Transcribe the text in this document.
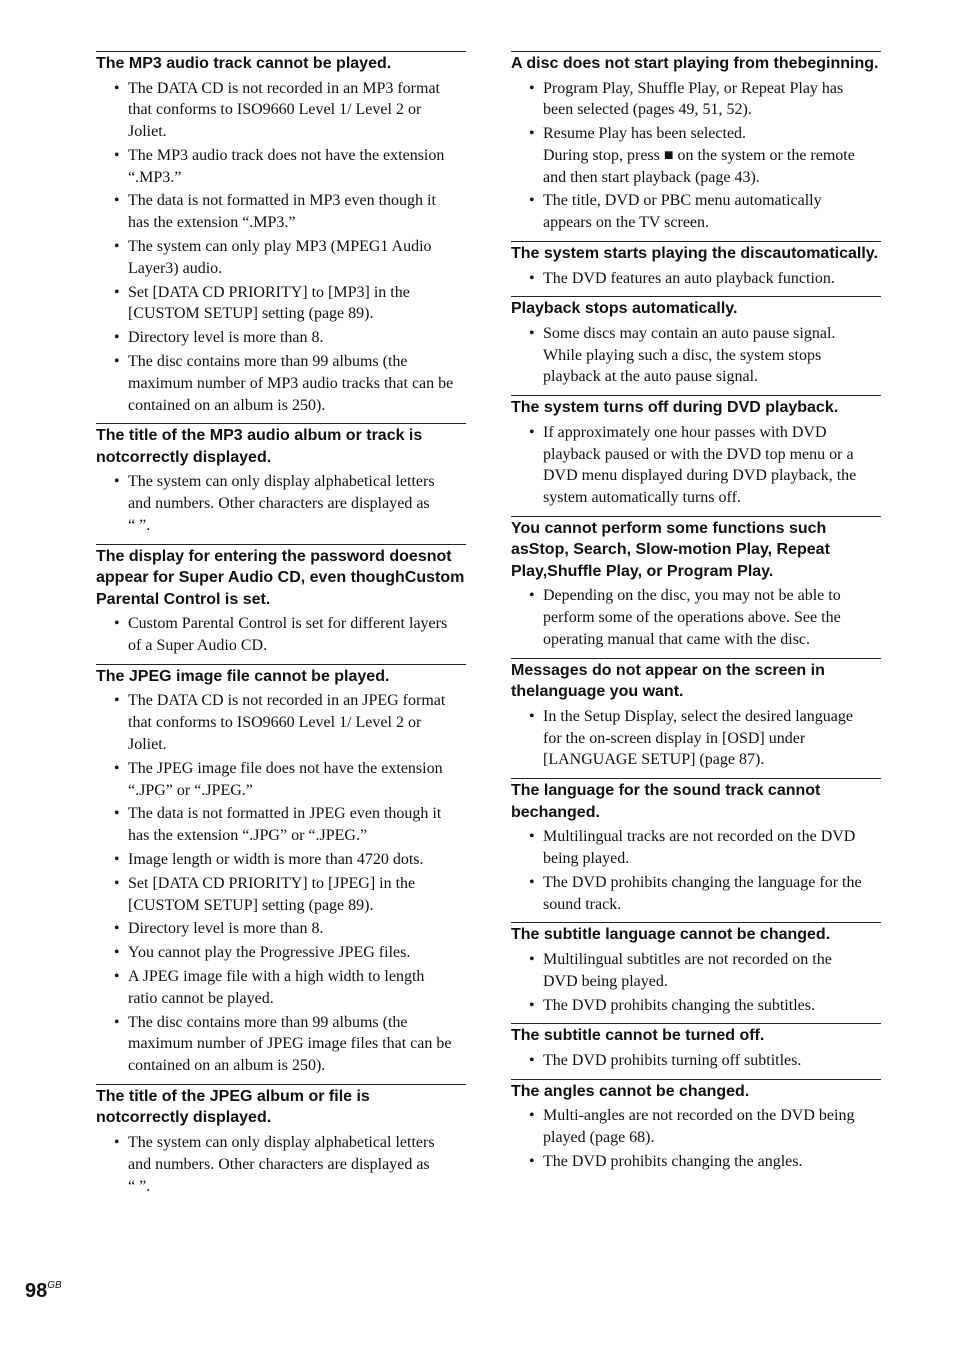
The MP3 audio track cannot be played.
• The DATA CD is not recorded in an MP3 format
that conforms to ISO9660 Level 1/ Level 2 or
Joliet.
• The MP3 audio track does not have the extension
“.MP3.”
• The data is not formatted in MP3 even though it
has the extension “.MP3.”
• The system can only play MP3 (MPEG1 Audio
Layer3) audio.
• Set [DATA CD PRIORITY] to [MP3] in the
[CUSTOM SETUP] setting (page 89).
• Directory level is more than 8.
• The disc contains more than 99 albums (the
maximum number of MP3 audio tracks that can be
contained on an album is 250).
The title of the MP3 audio album or track is notcorrectly displayed.
• The system can only display alphabetical letters
and numbers. Other characters are displayed as
“ ”.
The display for entering the password doesnot appear for Super Audio CD, even thoughCustom Parental Control is set.
• Custom Parental Control is set for different layers
of a Super Audio CD.
The JPEG image file cannot be played.
• The DATA CD is not recorded in an JPEG format
that conforms to ISO9660 Level 1/ Level 2 or
Joliet.
• The JPEG image file does not have the extension
“.JPG” or “.JPEG.”
• The data is not formatted in JPEG even though it
has the extension “.JPG” or “.JPEG.”
• Image length or width is more than 4720 dots.
• Set [DATA CD PRIORITY] to [JPEG] in the
[CUSTOM SETUP] setting (page 89).
• Directory level is more than 8.
• You cannot play the Progressive JPEG files.
• A JPEG image file with a high width to length
ratio cannot be played.
• The disc contains more than 99 albums (the
maximum number of JPEG image files that can be
contained on an album is 250).
The title of the JPEG album or file is notcorrectly displayed.
• The system can only display alphabetical letters
and numbers. Other characters are displayed as
“ ”.
A disc does not start playing from thebeginning.
• Program Play, Shuffle Play, or Repeat Play has
been selected (pages 49, 51, 52).
• Resume Play has been selected.
During stop, press ■ on the system or the remote
and then start playback (page 43).
• The title, DVD or PBC menu automatically
appears on the TV screen.
The system starts playing the discautomatically.
• The DVD features an auto playback function.
Playback stops automatically.
• Some discs may contain an auto pause signal.
While playing such a disc, the system stops
playback at the auto pause signal.
The system turns off during DVD playback.
• If approximately one hour passes with DVD
playback paused or with the DVD top menu or a
DVD menu displayed during DVD playback, the
system automatically turns off.
You cannot perform some functions such asStop, Search, Slow-motion Play, Repeat Play,Shuffle Play, or Program Play.
• Depending on the disc, you may not be able to
perform some of the operations above. See the
operating manual that came with the disc.
Messages do not appear on the screen in thelanguage you want.
• In the Setup Display, select the desired language
for the on-screen display in [OSD] under
[LANGUAGE SETUP] (page 87).
The language for the sound track cannot bechanged.
• Multilingual tracks are not recorded on the DVD
being played.
• The DVD prohibits changing the language for the
sound track.
The subtitle language cannot be changed.
• Multilingual subtitles are not recorded on the
DVD being played.
• The DVD prohibits changing the subtitles.
The subtitle cannot be turned off.
• The DVD prohibits turning off subtitles.
The angles cannot be changed.
• Multi-angles are not recorded on the DVD being
played (page 68).
• The DVD prohibits changing the angles.
$98^{GB}$
